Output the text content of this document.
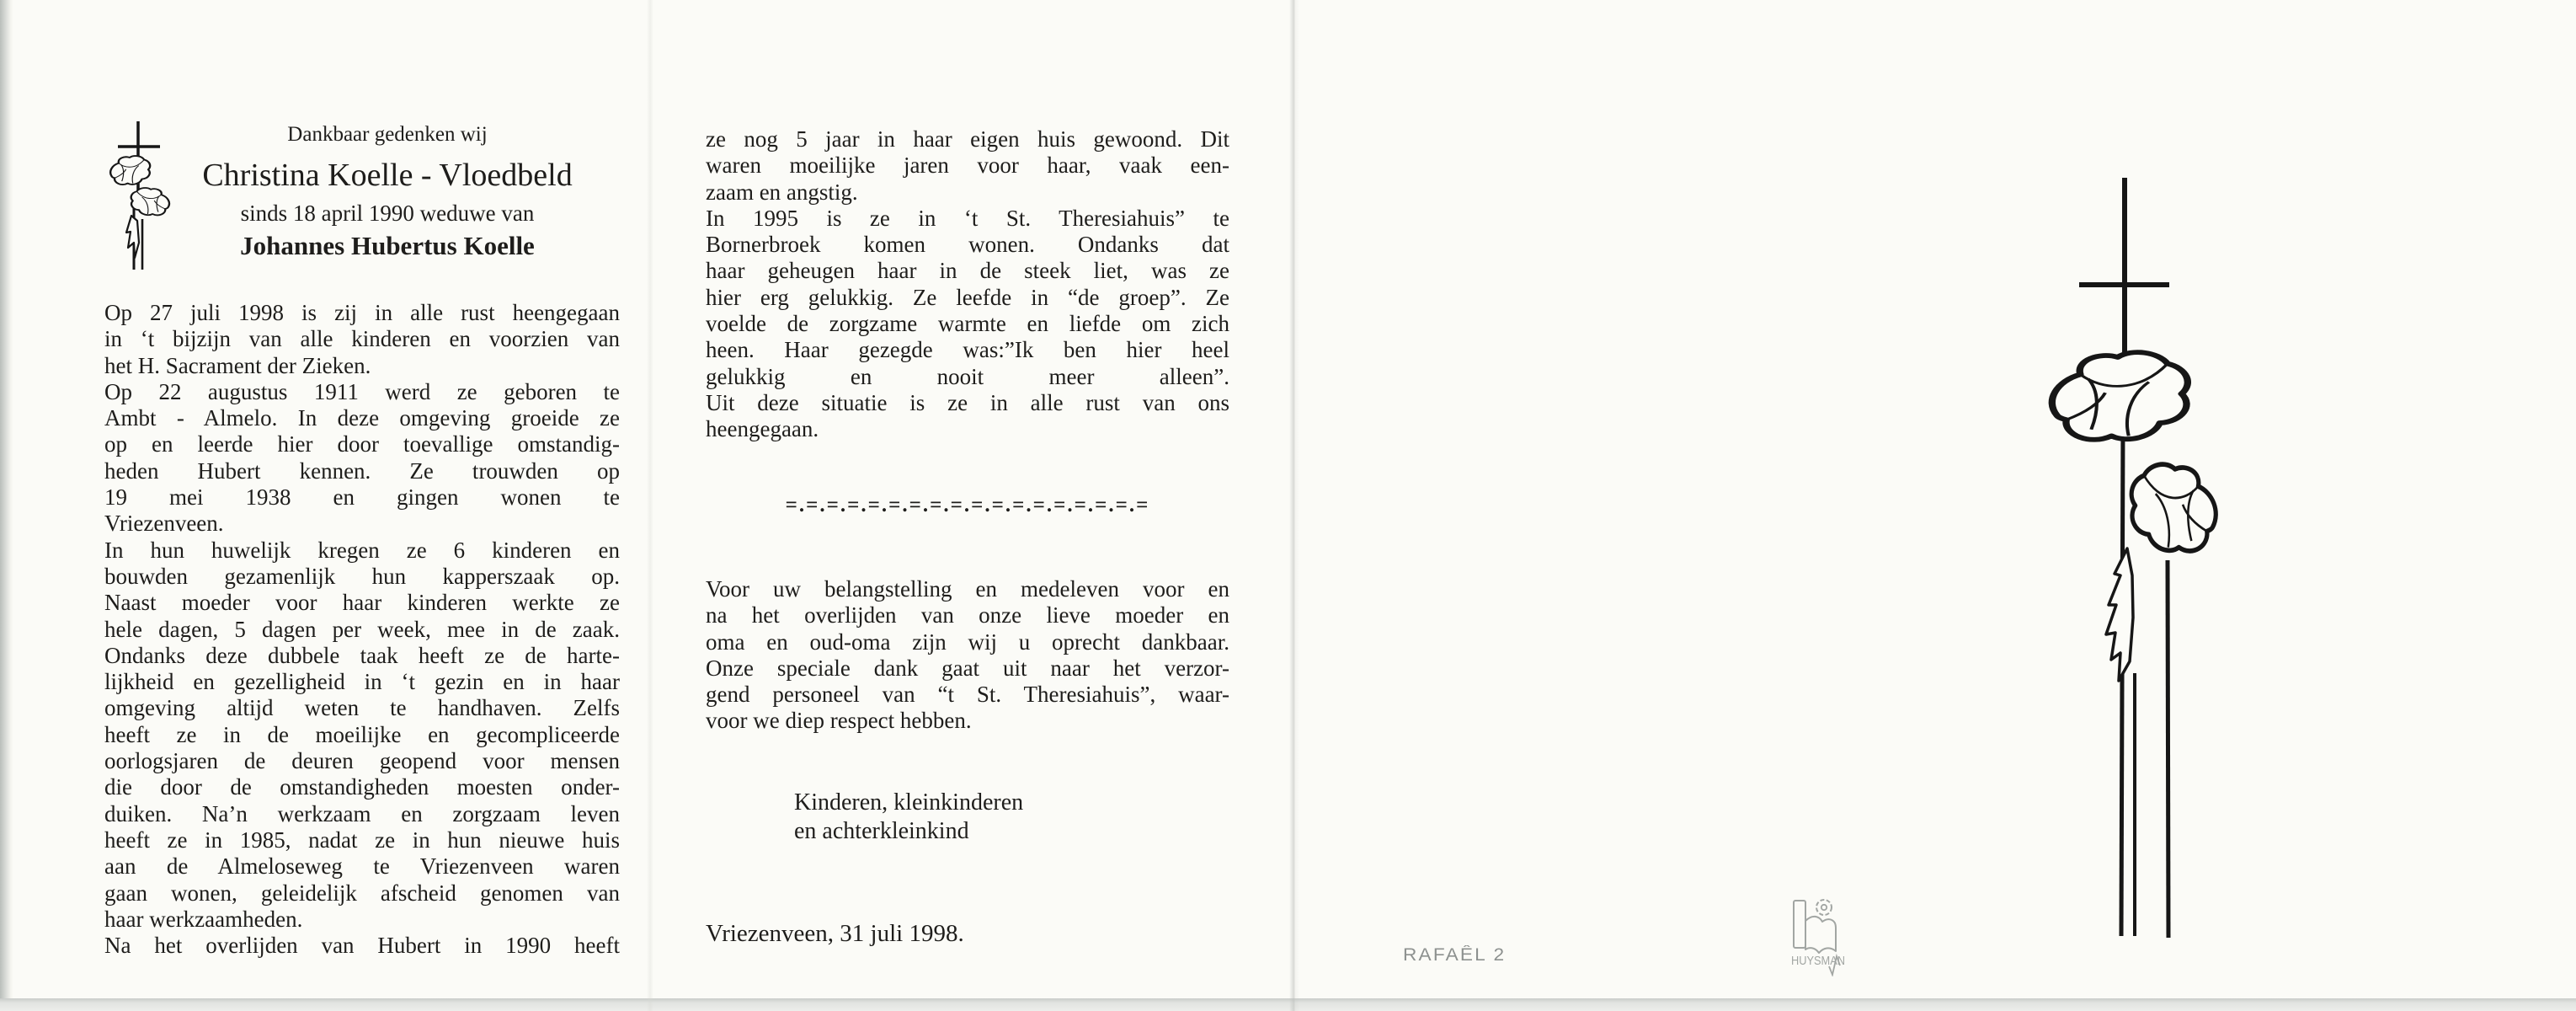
Dankbaar gedenken wij
Christina Koelle - Vloedbeld
sinds 18 april 1990 weduwe van
Johannes Hubertus Koelle
Op 27 juli 1998 is zij in alle rust heengegaan
in ‘t bijzijn van alle kinderen en voorzien van
het H. Sacrament der Zieken.
Op 22 augustus 1911 werd ze geboren te
Ambt - Almelo. In deze omgeving groeide ze
op en leerde hier door toevallige omstandig-
heden Hubert kennen. Ze trouwden op
19 mei 1938 en gingen wonen te
Vriezenveen.
In hun huwelijk kregen ze 6 kinderen en
bouwden gezamenlijk hun kapperszaak op.
Naast moeder voor haar kinderen werkte ze
hele dagen, 5 dagen per week, mee in de zaak.
Ondanks deze dubbele taak heeft ze de harte-
lijkheid en gezelligheid in ‘t gezin en in haar
omgeving altijd weten te handhaven. Zelfs
heeft ze in de moeilijke en gecompliceerde
oorlogsjaren de deuren geopend voor mensen
die door de omstandigheden moesten onder-
duiken. Na’n werkzaam en zorgzaam leven
heeft ze in 1985, nadat ze in hun nieuwe huis
aan de Almeloseweg te Vriezenveen waren
gaan wonen, geleidelijk afscheid genomen van
haar werkzaamheden.
Na het overlijden van Hubert in 1990 heeft
ze nog 5 jaar in haar eigen huis gewoond. Dit
waren moeilijke jaren voor haar, vaak een-
zaam en angstig.
In 1995 is ze in ‘t St. Theresiahuis” te
Bornerbroek komen wonen. Ondanks dat
haar geheugen haar in de steek liet, was ze
hier erg gelukkig. Ze leefde in “de groep”. Ze
voelde de zorgzame warmte en liefde om zich
heen. Haar gezegde was:”Ik ben hier heel
gelukkig en nooit meer alleen”.
Uit deze situatie is ze in alle rust van ons
heengegaan.
=.=.=.=.=.=.=.=.=.=.=.=.=.=.=.=.=.=
Voor uw belangstelling en medeleven voor en
na het overlijden van onze lieve moeder en
oma en oud-oma zijn wij u oprecht dankbaar.
Onze speciale dank gaat uit naar het verzor-
gend personeel van “t St. Theresiahuis”, waar-
voor we diep respect hebben.
Kinderen, kleinkinderen
en achterkleinkind
Vriezenveen, 31 juli 1998.
RAFAÊL 2	HUYSMAN
